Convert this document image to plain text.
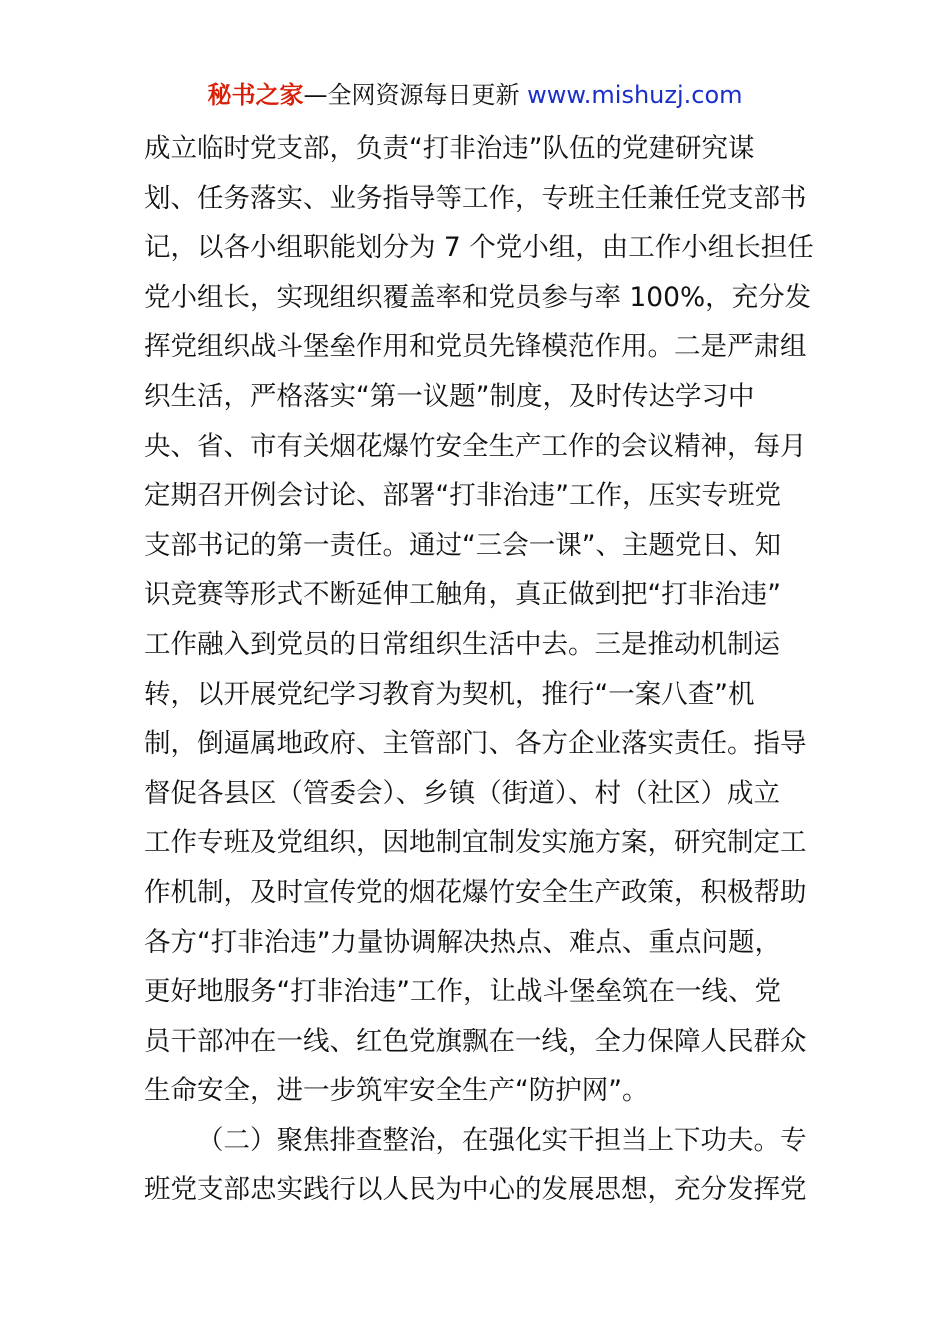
秘书之家—全网资源每日更新 www.mishuzj.com
成立临时党支部，负责“打非治违”队伍的党建研究谋
划、任务落实、业务指导等工作，专班主任兼任党支部书
记，以各小组职能划分为 7 个党小组，由工作小组长担任
党小组长，实现组织覆盖率和党员参与率 100%，充分发
挥党组织战斗堡垒作用和党员先锋模范作用。二是严肃组
织生活，严格落实“第一议题”制度，及时传达学习中
央、省、市有关烟花爆竹安全生产工作的会议精神，每月
定期召开例会讨论、部署“打非治违”工作，压实专班党
支部书记的第一责任。通过“三会一课”、主题党日、知
识竞赛等形式不断延伸工触角，真正做到把“打非治违”
工作融入到党员的日常组织生活中去。三是推动机制运
转，以开展党纪学习教育为契机，推行“一案八查”机
制，倒逼属地政府、主管部门、各方企业落实责任。指导
督促各县区（管委会）、乡镇（街道）、村（社区）成立
工作专班及党组织，因地制宜制发实施方案，研究制定工
作机制，及时宣传党的烟花爆竹安全生产政策，积极帮助
各方“打非治违”力量协调解决热点、难点、重点问题，
更好地服务“打非治违”工作，让战斗堡垒筑在一线、党
员干部冲在一线、红色党旗飘在一线，全力保障人民群众
生命安全，进一步筑牢安全生产“防护网”。
（二）聚焦排查整治，在强化实干担当上下功夫。专
班党支部忠实践行以人民为中心的发展思想，充分发挥党
